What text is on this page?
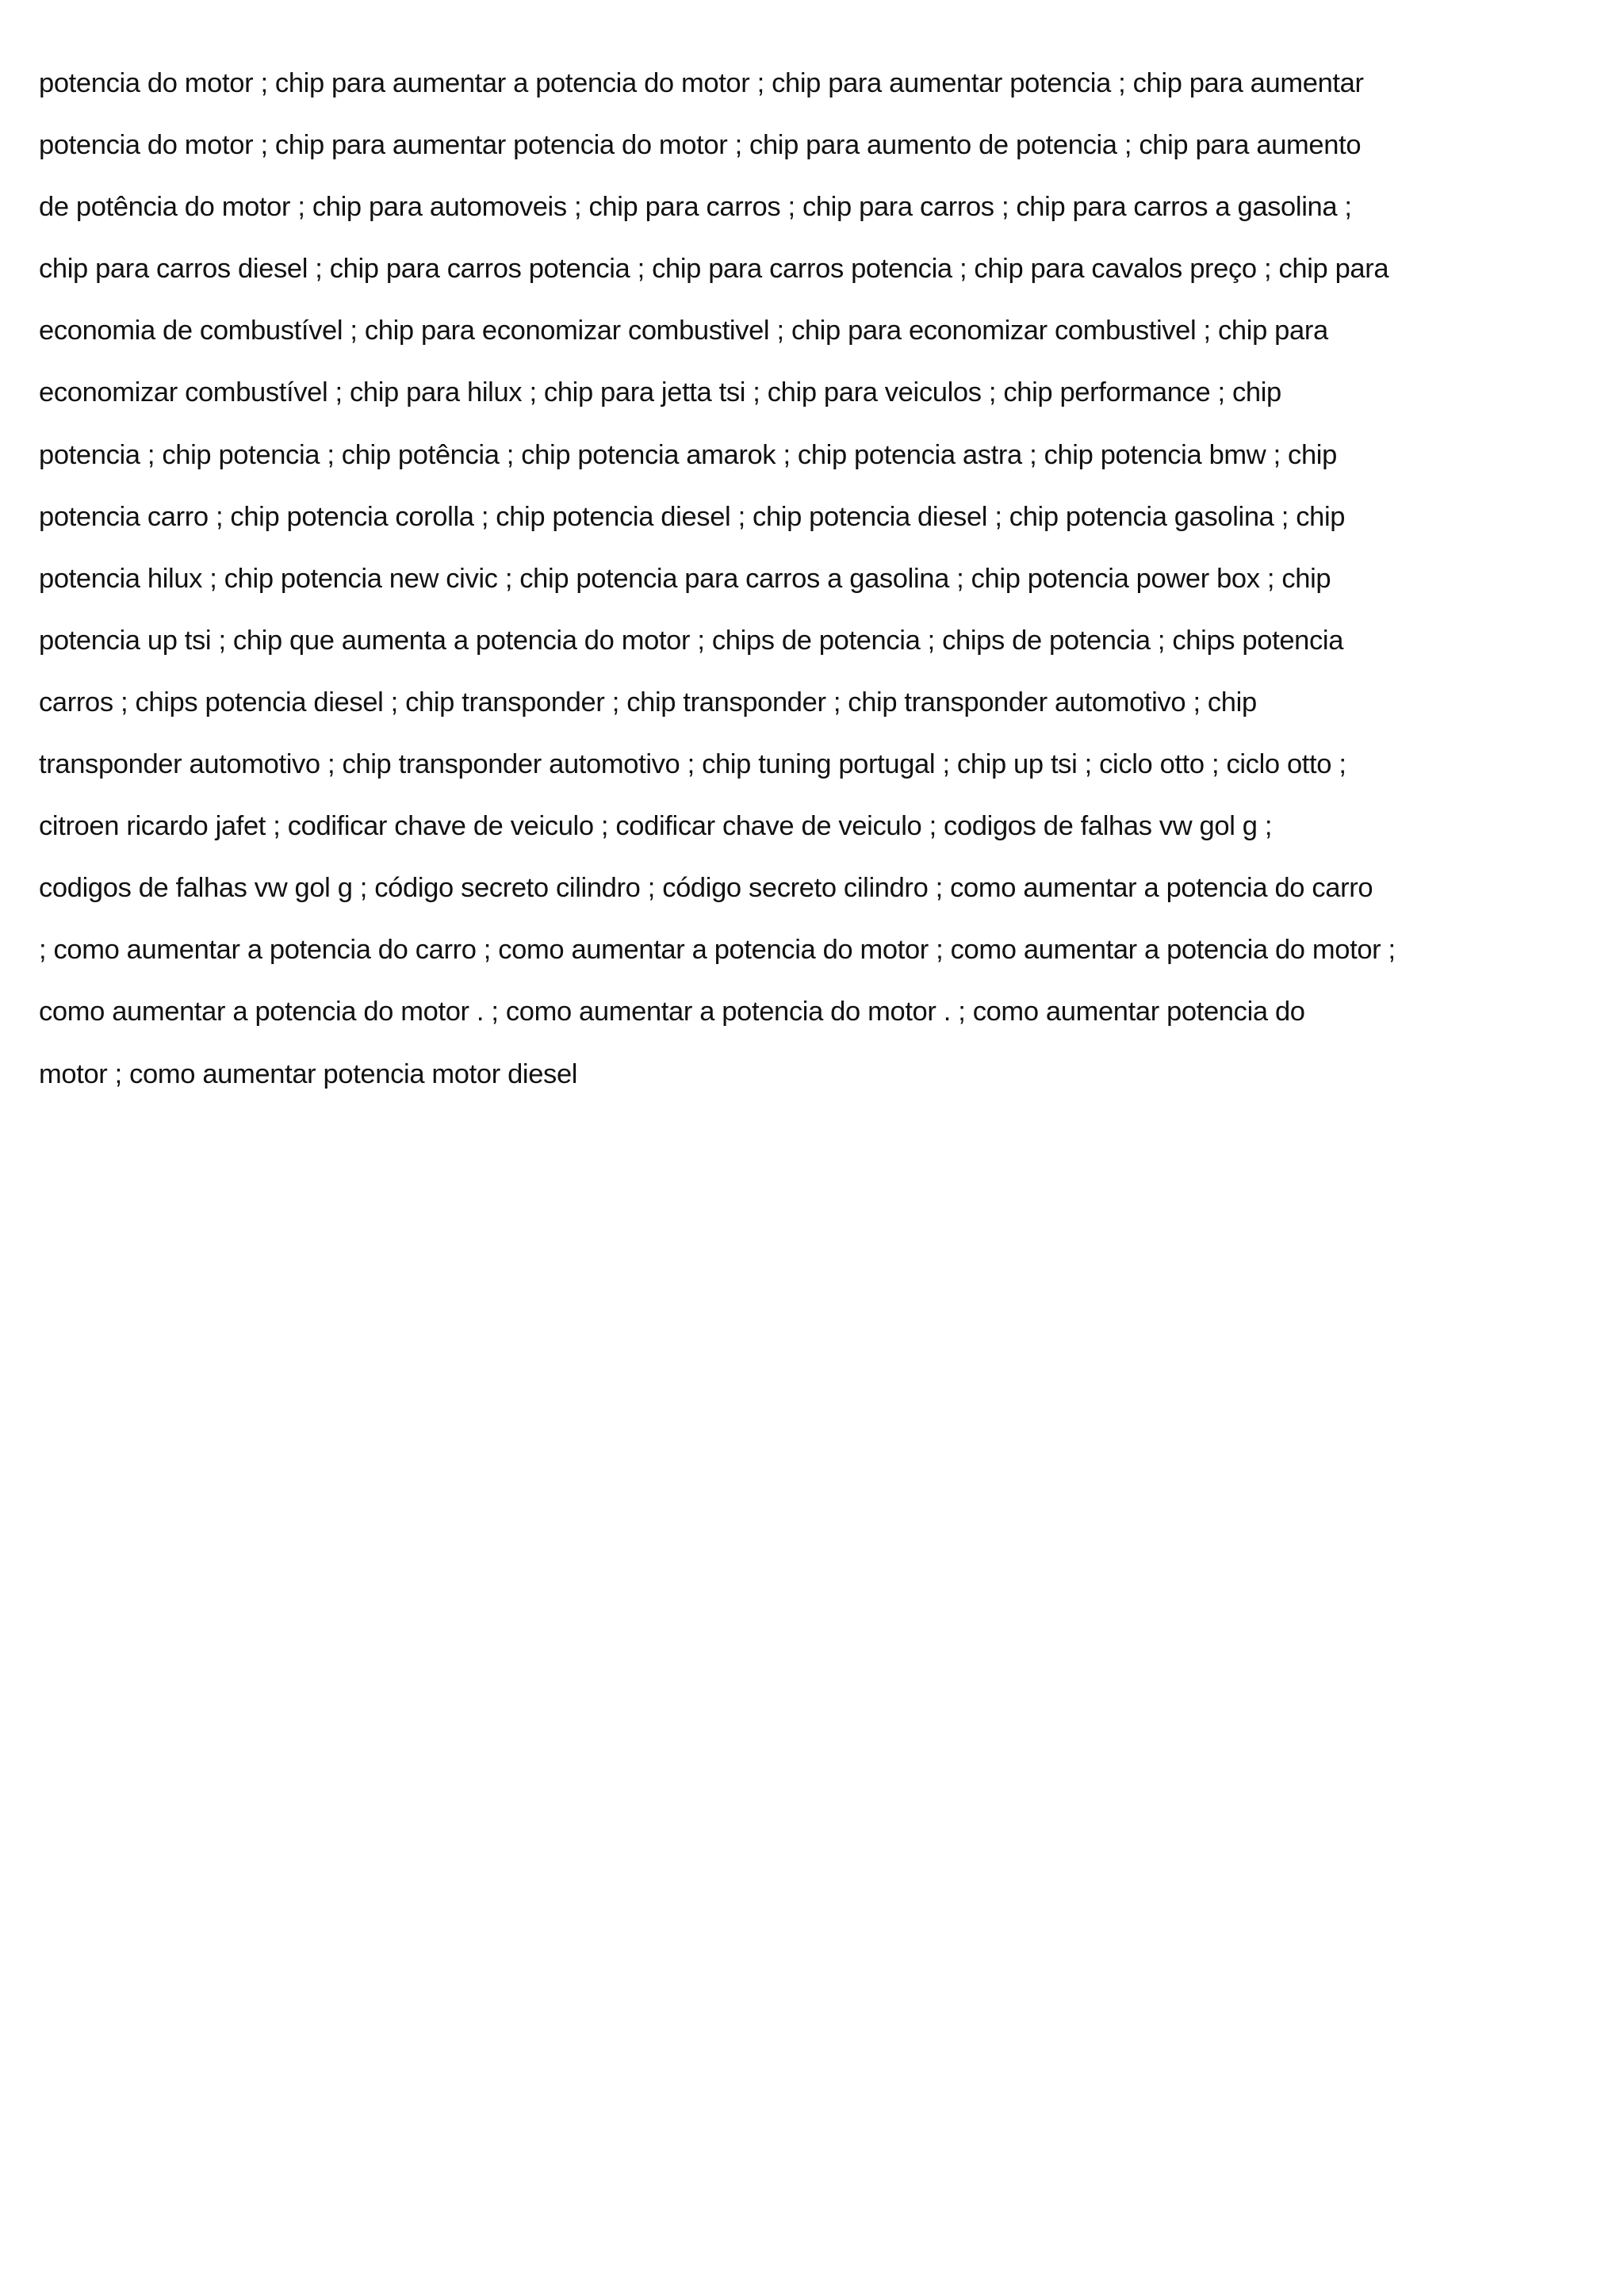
potencia do motor ; chip para aumentar a potencia do motor ; chip para aumentar potencia ; chip para aumentar
potencia do motor ; chip para aumentar potencia do motor ; chip para aumento de potencia ; chip para aumento
de potência do motor ; chip para automoveis ; chip para carros ; chip para carros ; chip para carros a gasolina ;
chip para carros diesel ; chip para carros potencia ; chip para carros potencia ; chip para cavalos preço ; chip para
economia de combustível ; chip para economizar combustivel ; chip para economizar combustivel ; chip para
economizar combustível ; chip para hilux ; chip para jetta tsi ; chip para veiculos ; chip performance ; chip
potencia ; chip potencia ; chip potência ; chip potencia amarok ; chip potencia astra ; chip potencia bmw ; chip
potencia carro ; chip potencia corolla ; chip potencia diesel ; chip potencia diesel ; chip potencia gasolina ; chip
potencia hilux ; chip potencia new civic ; chip potencia para carros a gasolina ; chip potencia power box ; chip
potencia up tsi ; chip que aumenta a potencia do motor ; chips de potencia ; chips de potencia ; chips potencia
carros ; chips potencia diesel ; chip transponder ; chip transponder ; chip transponder automotivo ; chip
transponder automotivo ; chip transponder automotivo ; chip tuning portugal ; chip up tsi ; ciclo otto ; ciclo otto ;
citroen ricardo jafet ; codificar chave de veiculo ; codificar chave de veiculo ; codigos de falhas vw gol g ;
codigos de falhas vw gol g ; código secreto cilindro ; código secreto cilindro ; como aumentar a potencia do carro
; como aumentar a potencia do carro ; como aumentar a potencia do motor ; como aumentar a potencia do motor ;
como aumentar a potencia do motor . ; como aumentar a potencia do motor . ; como aumentar potencia do
motor ; como aumentar potencia motor diesel
